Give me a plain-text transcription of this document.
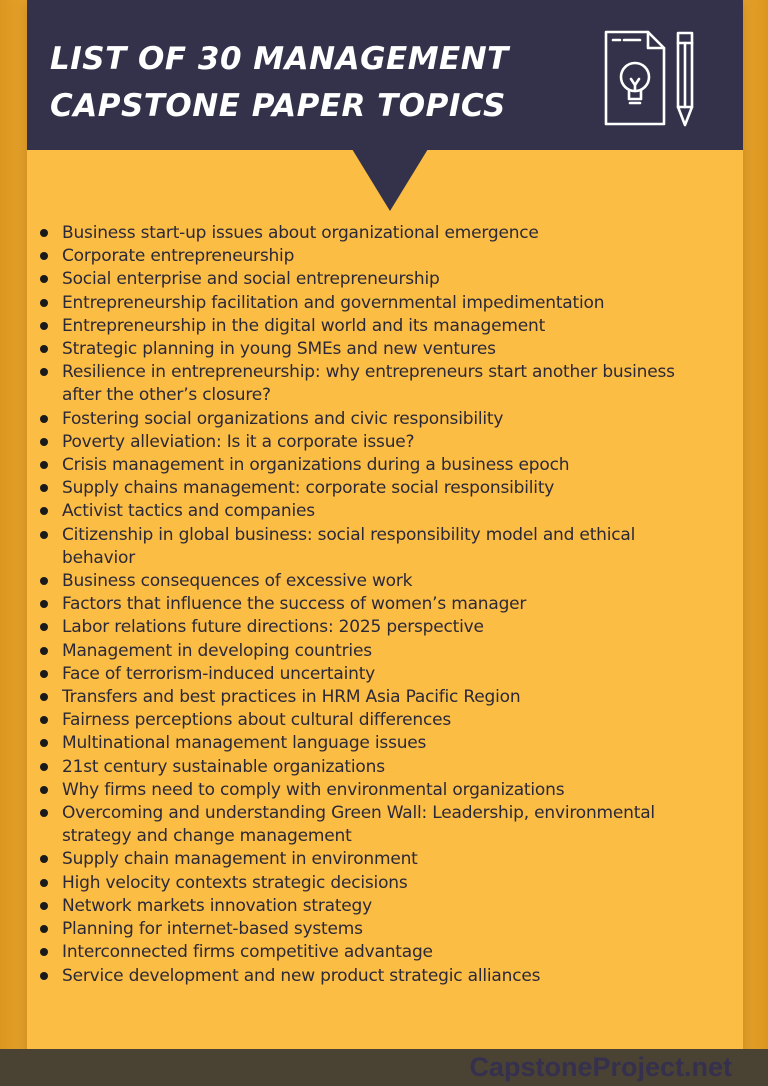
LIST OF 30 MANAGEMENT
CAPSTONE PAPER TOPICS
Business start-up issues about organizational emergence
Corporate entrepreneurship
Social enterprise and social entrepreneurship
Entrepreneurship facilitation and governmental impedimentation
Entrepreneurship in the digital world and its management
Strategic planning in young SMEs and new ventures
Resilience in entrepreneurship: why entrepreneurs start another business after the other’s closure?
Fostering social organizations and civic responsibility
Poverty alleviation: Is it a corporate issue?
Crisis management in organizations during a business epoch
Supply chains management: corporate social responsibility
Activist tactics and companies
Citizenship in global business: social responsibility model and ethical behavior
Business consequences of excessive work
Factors that influence the success of women’s manager
Labor relations future directions: 2025 perspective
Management in developing countries
Face of terrorism-induced uncertainty
Transfers and best practices in HRM Asia Pacific Region
Fairness perceptions about cultural differences
Multinational management language issues
21st century sustainable organizations
Why firms need to comply with environmental organizations
Overcoming and understanding Green Wall: Leadership, environmental strategy and change management
Supply chain management in environment
High velocity contexts strategic decisions
Network markets innovation strategy
Planning for internet-based systems
Interconnected firms competitive advantage
Service development and new product strategic alliances
CapstoneProject.net
